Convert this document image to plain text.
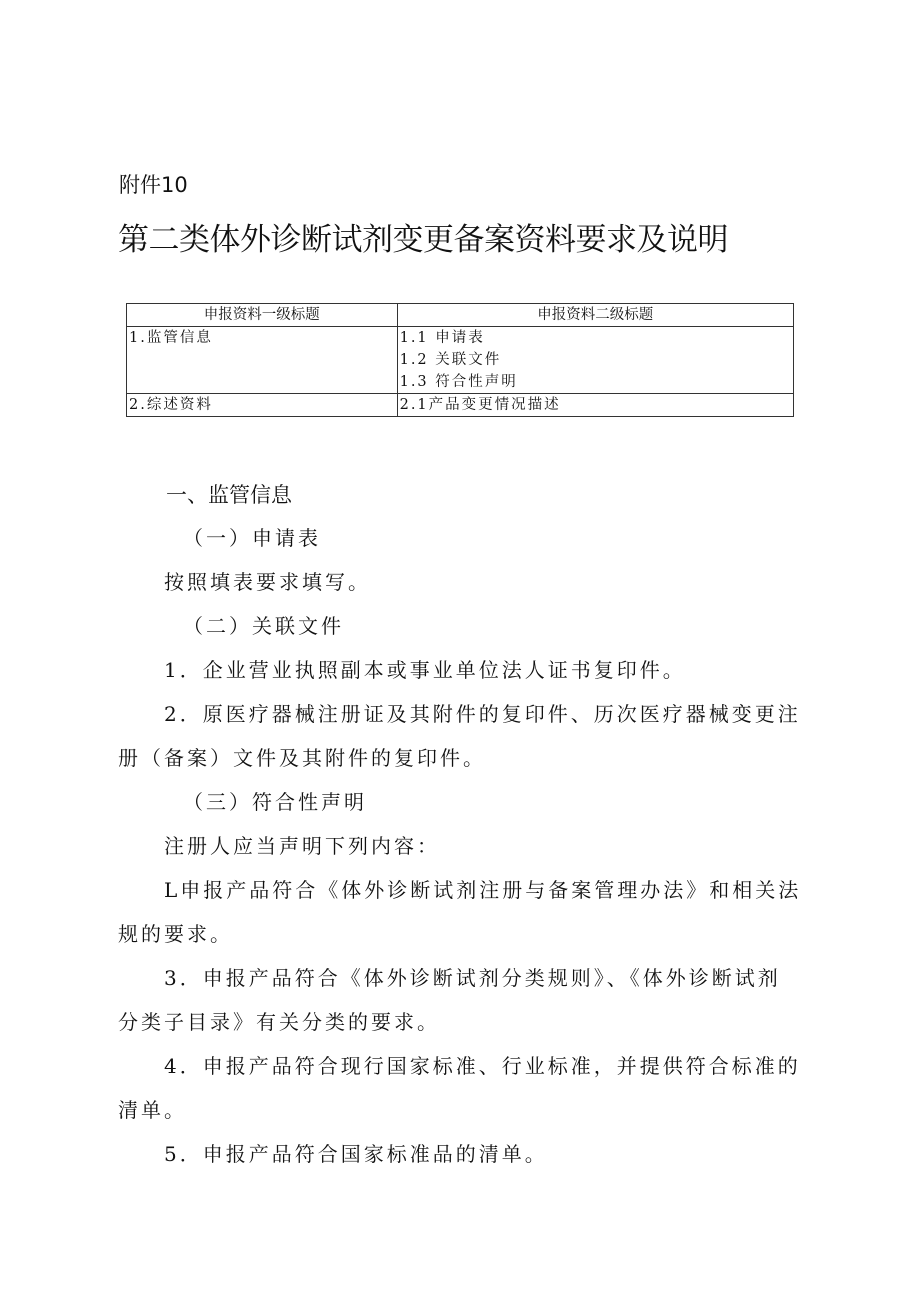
附件10
第二类体外诊断试剂变更备案资料要求及说明
申报资料一级标题	申报资料二级标题

1.监管信息	1.1 申请表
1.2 关联文件
1.3 符合性声明

2.综述资料	2.1产品变更情况描述
一、监管信息
（一）申请表
按照填表要求填写。
（二）关联文件
1．企业营业执照副本或事业单位法人证书复印件。
2．原医疗器械注册证及其附件的复印件、历次医疗器械变更注
册（备案）文件及其附件的复印件。
（三）符合性声明
注册人应当声明下列内容：
L申报产品符合《体外诊断试剂注册与备案管理办法》和相关法
规的要求。
3．申报产品符合《体外诊断试剂分类规则》、《体外诊断试剂
分类子目录》有关分类的要求。
4．申报产品符合现行国家标准、行业标准，并提供符合标准的
清单。
5．申报产品符合国家标准品的清单。
